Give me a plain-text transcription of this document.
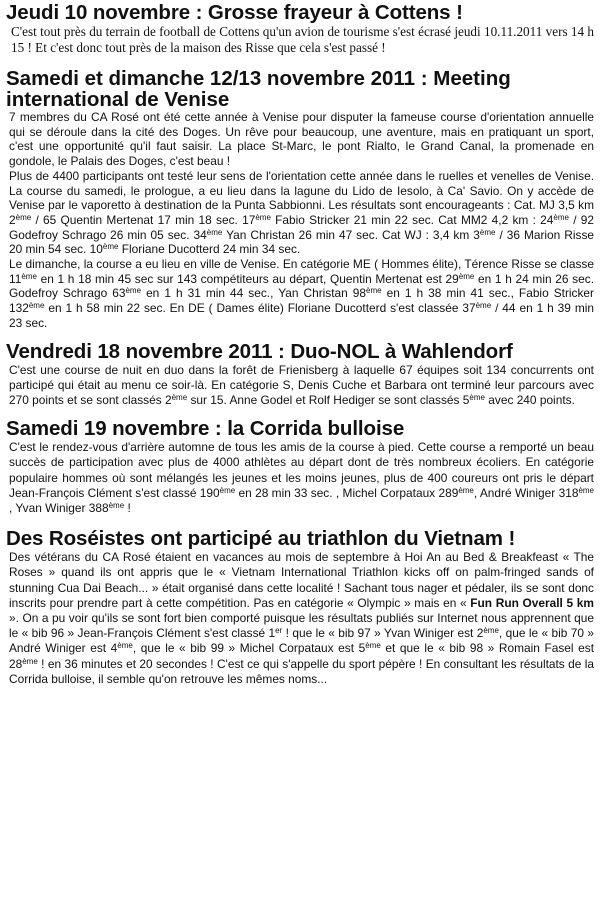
Jeudi 10 novembre : Grosse frayeur à Cottens !

C'est tout près du terrain de football de Cottens qu'un avion de tourisme s'est écrasé jeudi 10.11.2011 vers 14 h 15 ! Et c'est donc tout près de la maison des Risse que cela s'est passé !

Samedi et dimanche 12/13 novembre 2011 : Meeting international de Venise

7 membres du CA Rosé ont été cette année à Venise pour disputer la fameuse course d'orientation annuelle qui se déroule dans la cité des Doges. Un rêve pour beaucoup, une aventure, mais en pratiquant un sport, c'est une opportunité qu'il faut saisir. La place St-Marc, le pont Rialto, le Grand Canal, la promenade en gondole, le Palais des Doges, c'est beau !

Plus de 4400 participants ont testé leur sens de l'orientation cette année dans le ruelles et venelles de Venise. La course du samedi, le prologue, a eu lieu dans la lagune du Lido de Iesolo, à Ca' Savio. On y accède de Venise par le vaporetto à destination de la Punta Sabbionni. Les résultats sont encourageants : Cat. MJ 3,5 km 2ème / 65 Quentin Mertenat 17 min 18 sec. 17ème Fabio Stricker 21 min 22 sec. Cat MM2 4,2 km : 24ème / 92 Godefroy Schrago 26 min 05 sec. 34ème Yan Christan 26 min 47 sec. Cat WJ : 3,4 km 3ème / 36 Marion Risse 20 min 54 sec. 10ème Floriane Ducotterd 24 min 34 sec.

Le dimanche, la course a eu lieu en ville de Venise. En catégorie ME ( Hommes élite), Térence Risse se classe 11ème en 1 h 18 min 45 sec sur 143 compétiteurs au départ, Quentin Mertenat est 29ème en 1 h 24 min 26 sec. Godefroy Schrago 63ème en 1 h 31 min 44 sec., Yan Christan 98ème en 1 h 38 min 41 sec., Fabio Stricker 132ème en 1 h 58 min 22 sec. En DE ( Dames élite) Floriane Ducotterd s'est classée 37ème / 44 en 1 h 39 min 23 sec.

Vendredi 18 novembre 2011 : Duo-NOL à Wahlendorf

C'est une course de nuit en duo dans la forêt de Frienisberg à laquelle 67 équipes soit 134 concurrents ont participé qui était au menu ce soir-là. En catégorie S, Denis Cuche et Barbara ont terminé leur parcours avec 270 points et se sont classés 2ème sur 15. Anne Godel et Rolf Hediger se sont classés 5ème avec 240 points.

Samedi 19 novembre : la Corrida bulloise

C'est le rendez-vous d'arrière automne de tous les amis de la course à pied. Cette course a remporté un beau succès de participation avec plus de 4000 athlètes au départ dont de très nombreux écoliers. En catégorie populaire hommes où sont mélangés les jeunes et les moins jeunes, plus de 400 coureurs ont pris le départ Jean-François Clément s'est classé 190ème en 28 min 33 sec. , Michel Corpataux 289ème, André Winiger 318ème , Yvan Winiger 388ème !

Des Roséistes ont participé au triathlon du Vietnam !

Des vétérans du CA Rosé étaient en vacances au mois de septembre à Hoi An au Bed & Breakfeast « The Roses » quand ils ont appris que le « Vietnam International Triathlon kicks off on palm-fringed sands of stunning Cua Dai Beach... » était organisé dans cette localité ! Sachant tous nager et pédaler, ils se sont donc inscrits pour prendre part à cette compétition. Pas en catégorie « Olympic » mais en « Fun Run Overall 5 km ». On a pu voir qu'ils se sont fort bien comporté puisque les résultats publiés sur Internet nous apprennent que le « bib 96 » Jean-François Clément s'est classé 1er ! que le « bib 97 » Yvan Winiger est 2ème, que le « bib 70 » André Winiger est 4ème, que le « bib 99 » Michel Corpataux est 5ème et que le « bib 98 » Romain Fasel est 28ème ! en 36 minutes et 20 secondes ! C'est ce qui s'appelle du sport pépère ! En consultant les résultats de la Corrida bulloise, il semble qu'on retrouve les mêmes noms...
